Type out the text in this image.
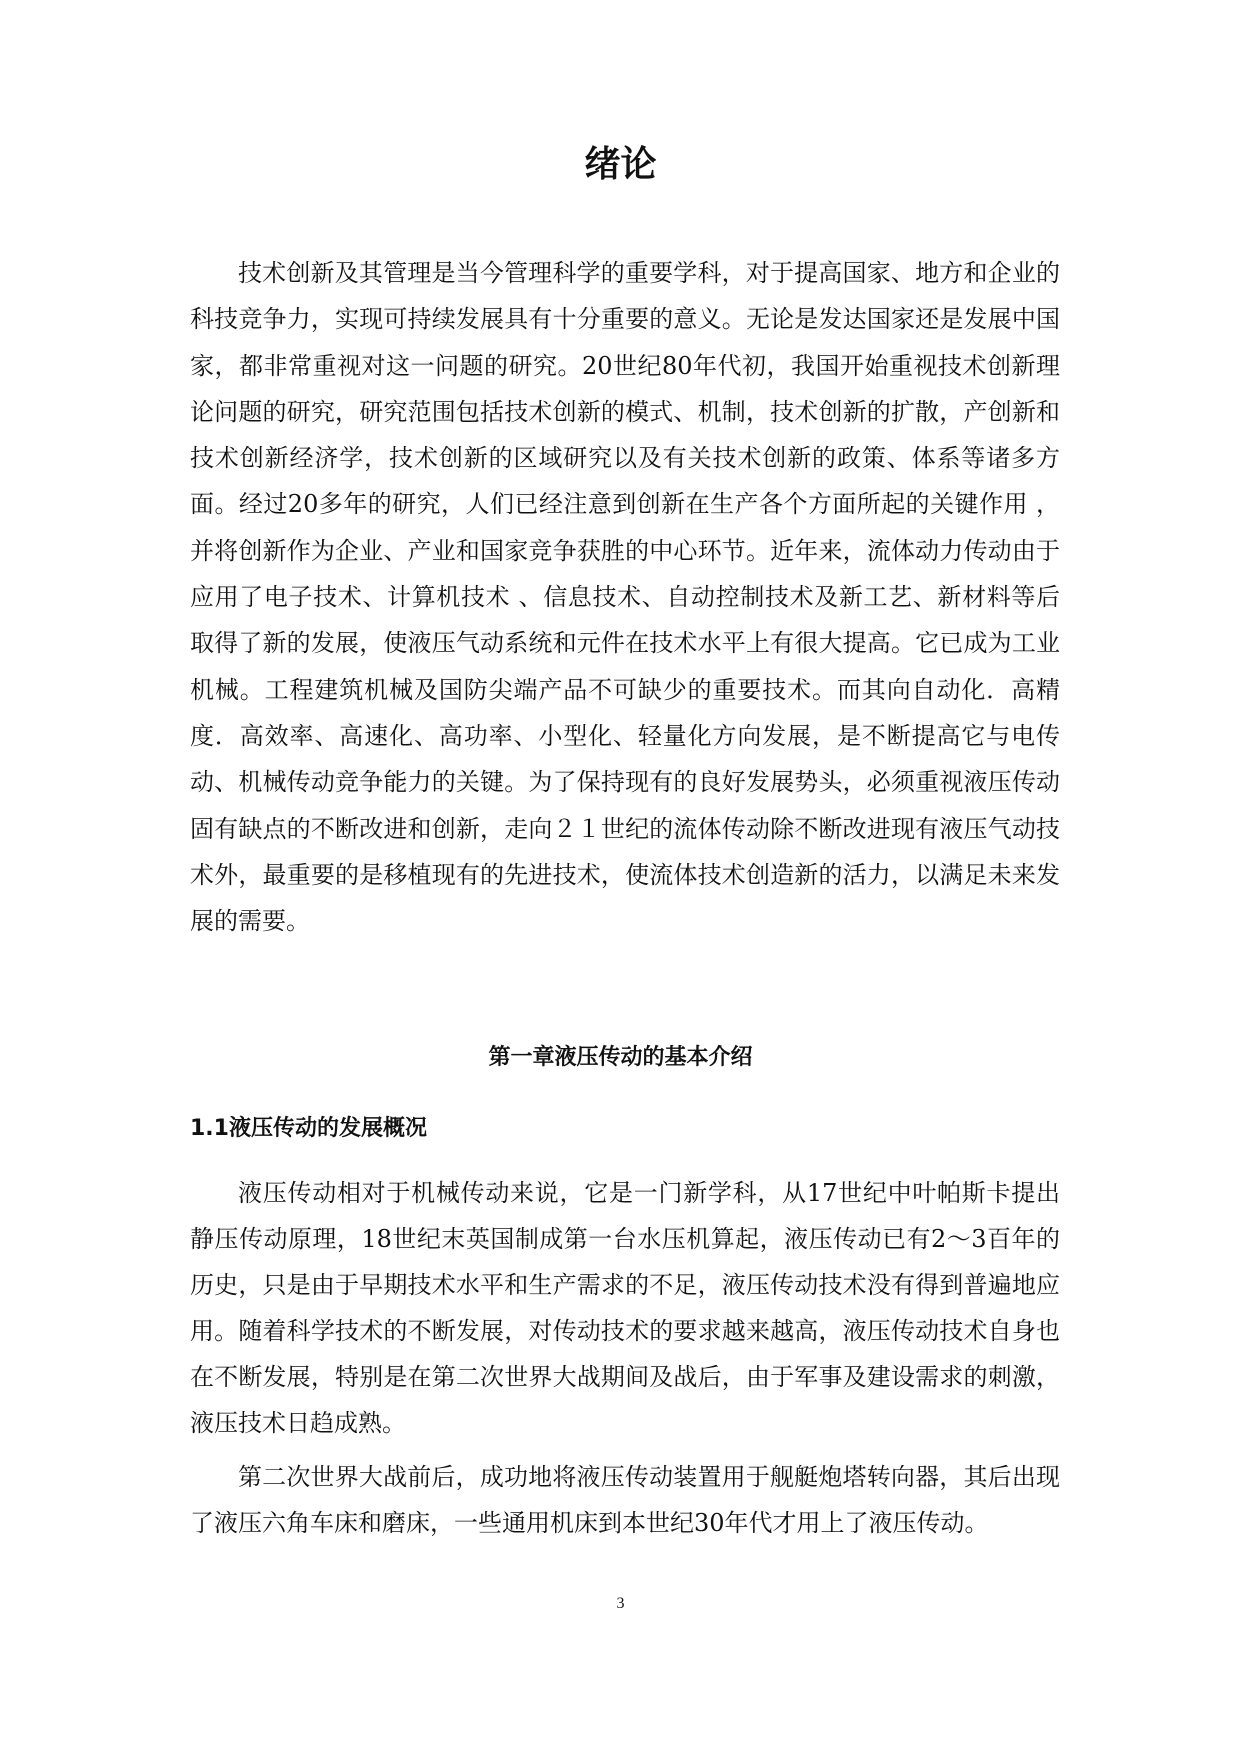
绪论

技术创新及其管理是当今管理科学的重要学科，对于提高国家、地方和企业的科技竞争力，实现可持续发展具有十分重要的意义。无论是发达国家还是发展中国家，都非常重视对这一问题的研究。20世纪80年代初，我国开始重视技术创新理论问题的研究，研究范围包括技术创新的模式、机制，技术创新的扩散，产创新和技术创新经济学，技术创新的区域研究以及有关技术创新的政策、体系等诸多方面。经过20多年的研究，人们已经注意到创新在生产各个方面所起的关键作用 ，并将创新作为企业、产业和国家竞争获胜的中心环节。近年来，流体动力传动由于应用了电子技术、计算机技术 、信息技术、自动控制技术及新工艺、新材料等后取得了新的发展，使液压气动系统和元件在技术水平上有很大提高。它已成为工业机械。工程建筑机械及国防尖端产品不可缺少的重要技术。而其向自动化．高精度．高效率、高速化、高功率、小型化、轻量化方向发展，是不断提高它与电传动、机械传动竞争能力的关键。为了保持现有的良好发展势头，必须重视液压传动固有缺点的不断改进和创新，走向２１世纪的流体传动除不断改进现有液压气动技术外，最重要的是移植现有的先进技术，使流体技术创造新的活力，以满足未来发展的需要。

第一章液压传动的基本介绍
1.1液压传动的发展概况

液压传动相对于机械传动来说，它是一门新学科，从17世纪中叶帕斯卡提出静压传动原理，18世纪末英国制成第一台水压机算起，液压传动已有2～3百年的历史，只是由于早期技术水平和生产需求的不足，液压传动技术没有得到普遍地应用。随着科学技术的不断发展，对传动技术的要求越来越高，液压传动技术自身也在不断发展，特别是在第二次世界大战期间及战后，由于军事及建设需求的刺激，液压技术日趋成熟。

第二次世界大战前后，成功地将液压传动装置用于舰艇炮塔转向器，其后出现了液压六角车床和磨床，一些通用机床到本世纪30年代才用上了液压传动。

3
